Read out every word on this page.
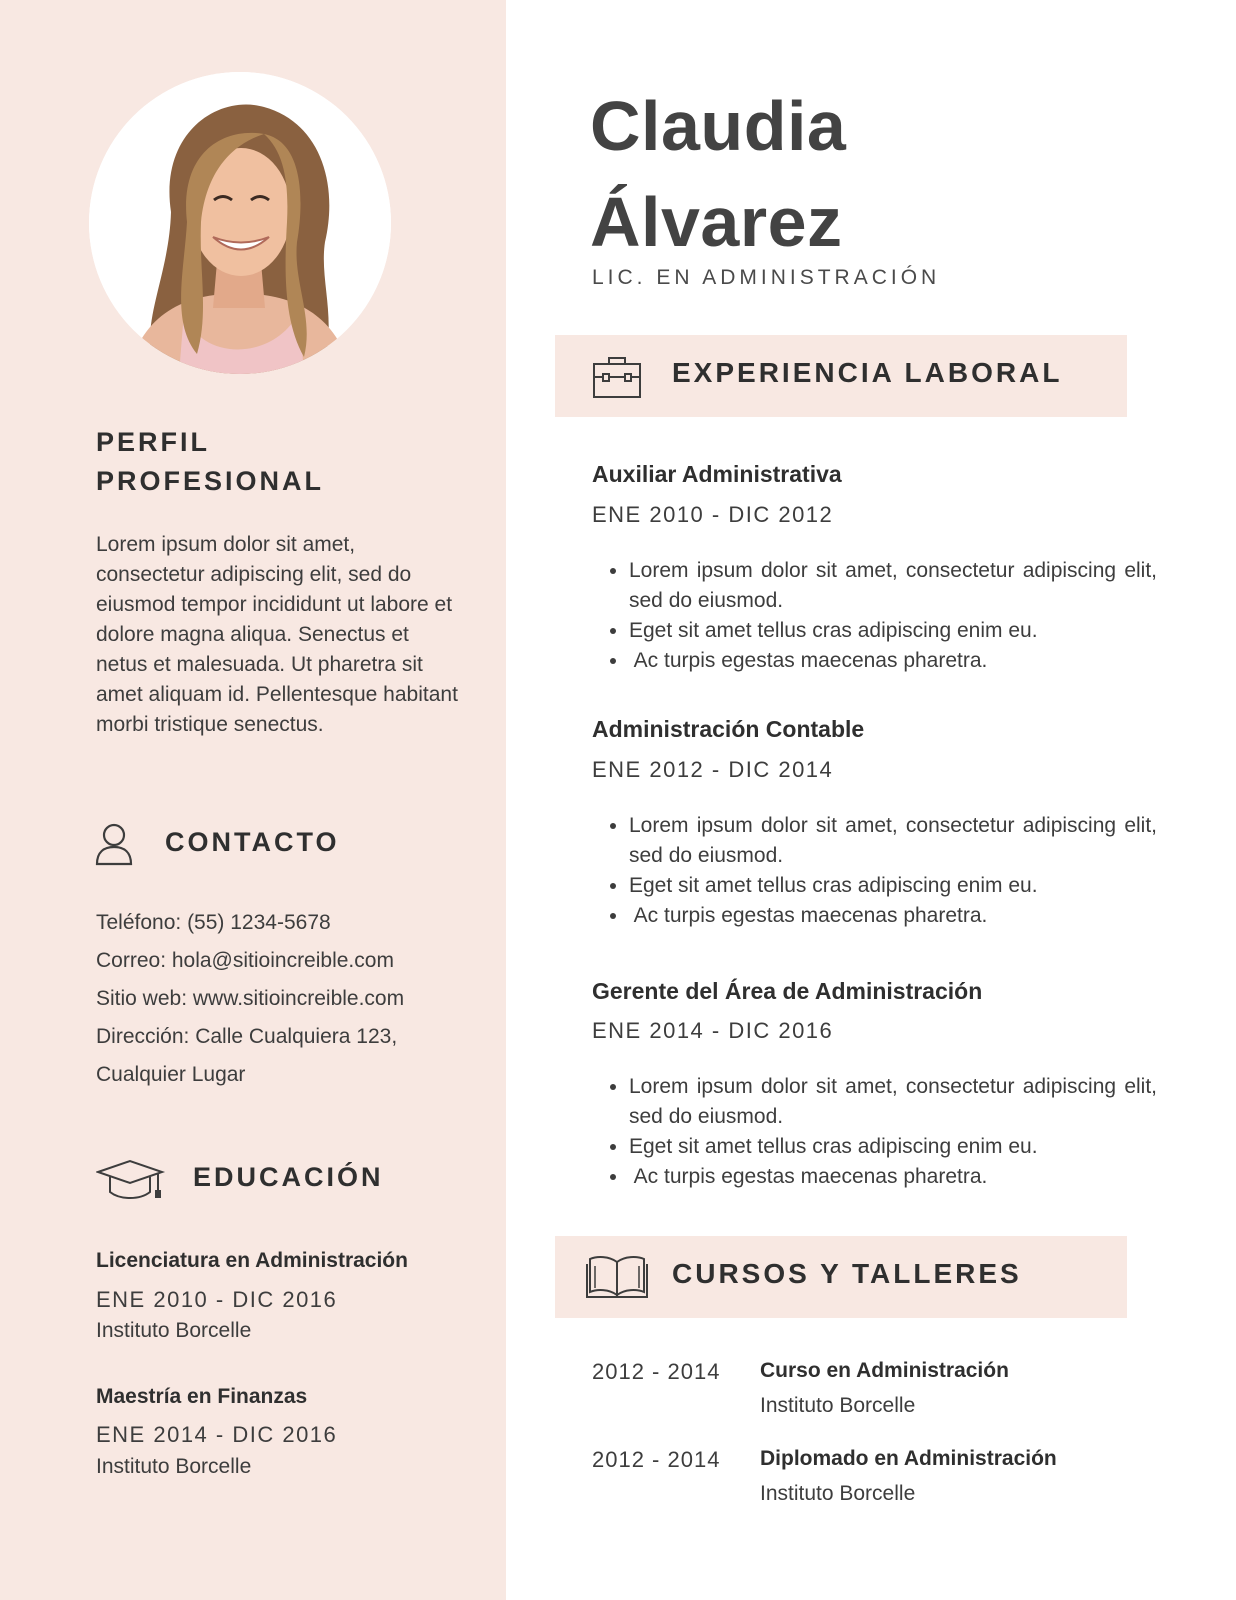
PERFIL
PROFESIONAL

Lorem ipsum dolor sit amet, consectetur adipiscing elit, sed do eiusmod tempor incididunt ut labore et dolore magna aliqua. Senectus et netus et malesuada. Ut pharetra sit amet aliquam id. Pellentesque habitant morbi tristique senectus.

CONTACTO
Teléfono: (55) 1234-5678
Correo: hola@sitioincreible.com
Sitio web: www.sitioincreible.com
Dirección: Calle Cualquiera 123,
Cualquier Lugar
EDUCACIÓN
Licenciatura en Administración
ENE 2010 - DIC 2016
Instituto Borcelle
Maestría en Finanzas
ENE 2014 - DIC 2016
Instituto Borcelle
Claudia
Álvarez
LIC. EN ADMINISTRACIÓN
EXPERIENCIA LABORAL
Auxiliar Administrativa
ENE 2010 - DIC 2012
• Lorem ipsum dolor sit amet, consectetur adipiscing elit, sed do eiusmod.
• Eget sit amet tellus cras adipiscing enim eu.
•  Ac turpis egestas maecenas pharetra.
Administración Contable
ENE 2012 - DIC 2014
• Lorem ipsum dolor sit amet, consectetur adipiscing elit, sed do eiusmod.
• Eget sit amet tellus cras adipiscing enim eu.
•  Ac turpis egestas maecenas pharetra.
Gerente del Área de Administración
ENE 2014 - DIC 2016
• Lorem ipsum dolor sit amet, consectetur adipiscing elit, sed do eiusmod.
• Eget sit amet tellus cras adipiscing enim eu.
•  Ac turpis egestas maecenas pharetra.
CURSOS Y TALLERES
2012 - 2014 Curso en Administración
Instituto Borcelle
2012 - 2014 Diplomado en Administración
Instituto Borcelle
